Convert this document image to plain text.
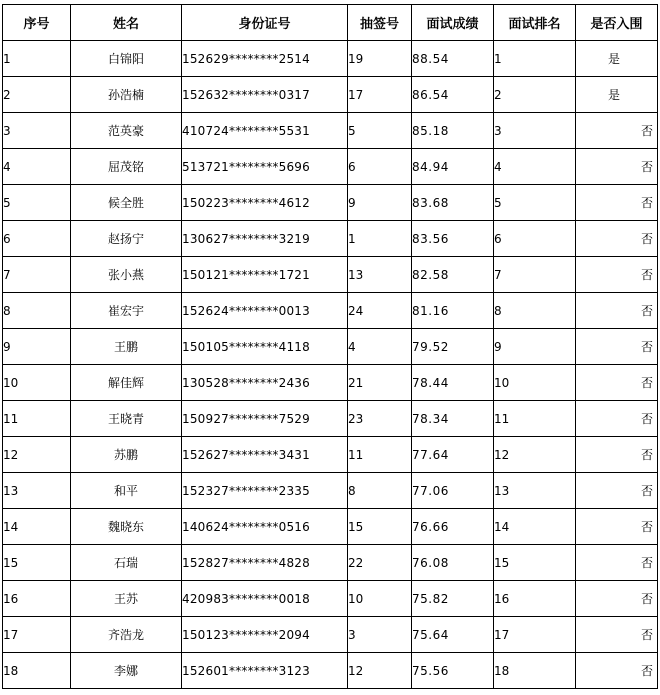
序号	姓名	身份证号	抽签号	面试成绩	面试排名	是否入围
1	白锦阳	152629********2514	19	88.54	1	是
2	孙浩楠	152632********0317	17	86.54	2	是
3	范英豪	410724********5531	5	85.18	3	否
4	屈茂铭	513721********5696	6	84.94	4	否
5	候全胜	150223********4612	9	83.68	5	否
6	赵扬宁	130627********3219	1	83.56	6	否
7	张小燕	150121********1721	13	82.58	7	否
8	崔宏宇	152624********0013	24	81.16	8	否
9	王鹏	150105********4118	4	79.52	9	否
10	解佳辉	130528********2436	21	78.44	10	否
11	王晓青	150927********7529	23	78.34	11	否
12	苏鹏	152627********3431	11	77.64	12	否
13	和平	152327********2335	8	77.06	13	否
14	魏晓东	140624********0516	15	76.66	14	否
15	石瑞	152827********4828	22	76.08	15	否
16	王苏	420983********0018	10	75.82	16	否
17	齐浩龙	150123********2094	3	75.64	17	否
18	李娜	152601********3123	12	75.56	18	否
